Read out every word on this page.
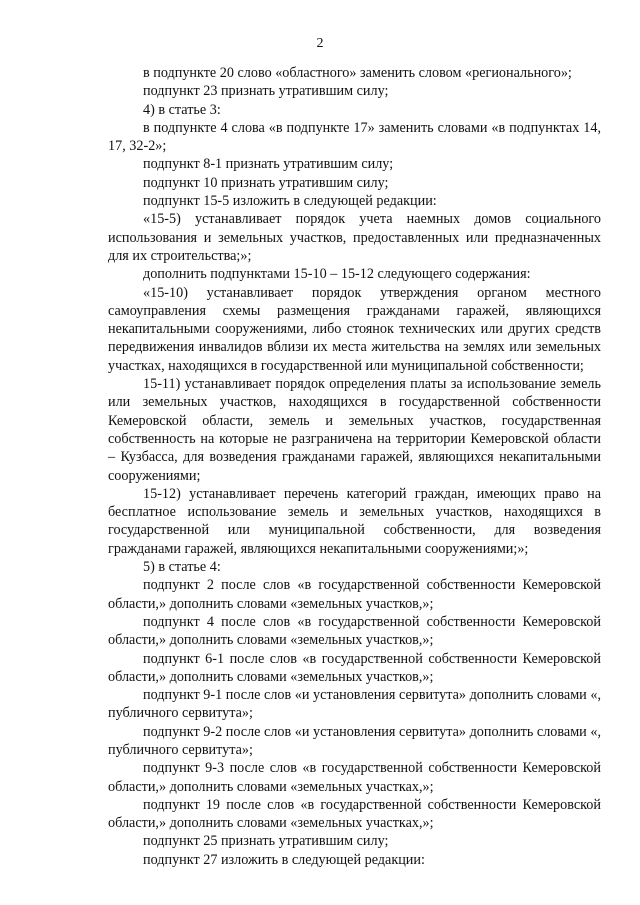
2

в подпункте 20 слово «областного» заменить словом «регионального»;

подпункт 23 признать утратившим силу;

4) в статье 3:

в подпункте 4 слова «в подпункте 17» заменить словами «в подпунктах 14, 17, 32-2»;

подпункт 8-1 признать утратившим силу;

подпункт 10 признать утратившим силу;

подпункт 15-5 изложить в следующей редакции:

«15-5) устанавливает порядок учета наемных домов социального использования и земельных участков, предоставленных или предназначенных для их строительства;»;

дополнить подпунктами 15-10 – 15-12 следующего содержания:

«15-10) устанавливает порядок утверждения органом местного самоуправления схемы размещения гражданами гаражей, являющихся некапитальными сооружениями, либо стоянок технических или других средств передвижения инвалидов вблизи их места жительства на землях или земельных участках, находящихся в государственной или муниципальной собственности;

15-11) устанавливает порядок определения платы за использование земель или земельных участков, находящихся в государственной собственности Кемеровской области, земель и земельных участков, государственная собственность на которые не разграничена на территории Кемеровской области – Кузбасса, для возведения гражданами гаражей, являющихся некапитальными сооружениями;

15-12) устанавливает перечень категорий граждан, имеющих право на бесплатное использование земель и земельных участков, находящихся в государственной или муниципальной собственности, для возведения гражданами гаражей, являющихся некапитальными сооружениями;»;

5) в статье 4:

подпункт 2 после слов «в государственной собственности Кемеровской области,» дополнить словами «земельных участков,»;

подпункт 4 после слов «в государственной собственности Кемеровской области,» дополнить словами «земельных участков,»;

подпункт 6-1 после слов «в государственной собственности Кемеровской области,» дополнить словами «земельных участков,»;

подпункт 9-1 после слов «и установления сервитута» дополнить словами «, публичного сервитута»;

подпункт 9-2 после слов «и установления сервитута» дополнить словами «, публичного сервитута»;

подпункт 9-3 после слов «в государственной собственности Кемеровской области,» дополнить словами «земельных участках,»;

подпункт 19 после слов «в государственной собственности Кемеровской области,» дополнить словами «земельных участках,»;

подпункт 25 признать утратившим силу;

подпункт 27 изложить в следующей редакции:
